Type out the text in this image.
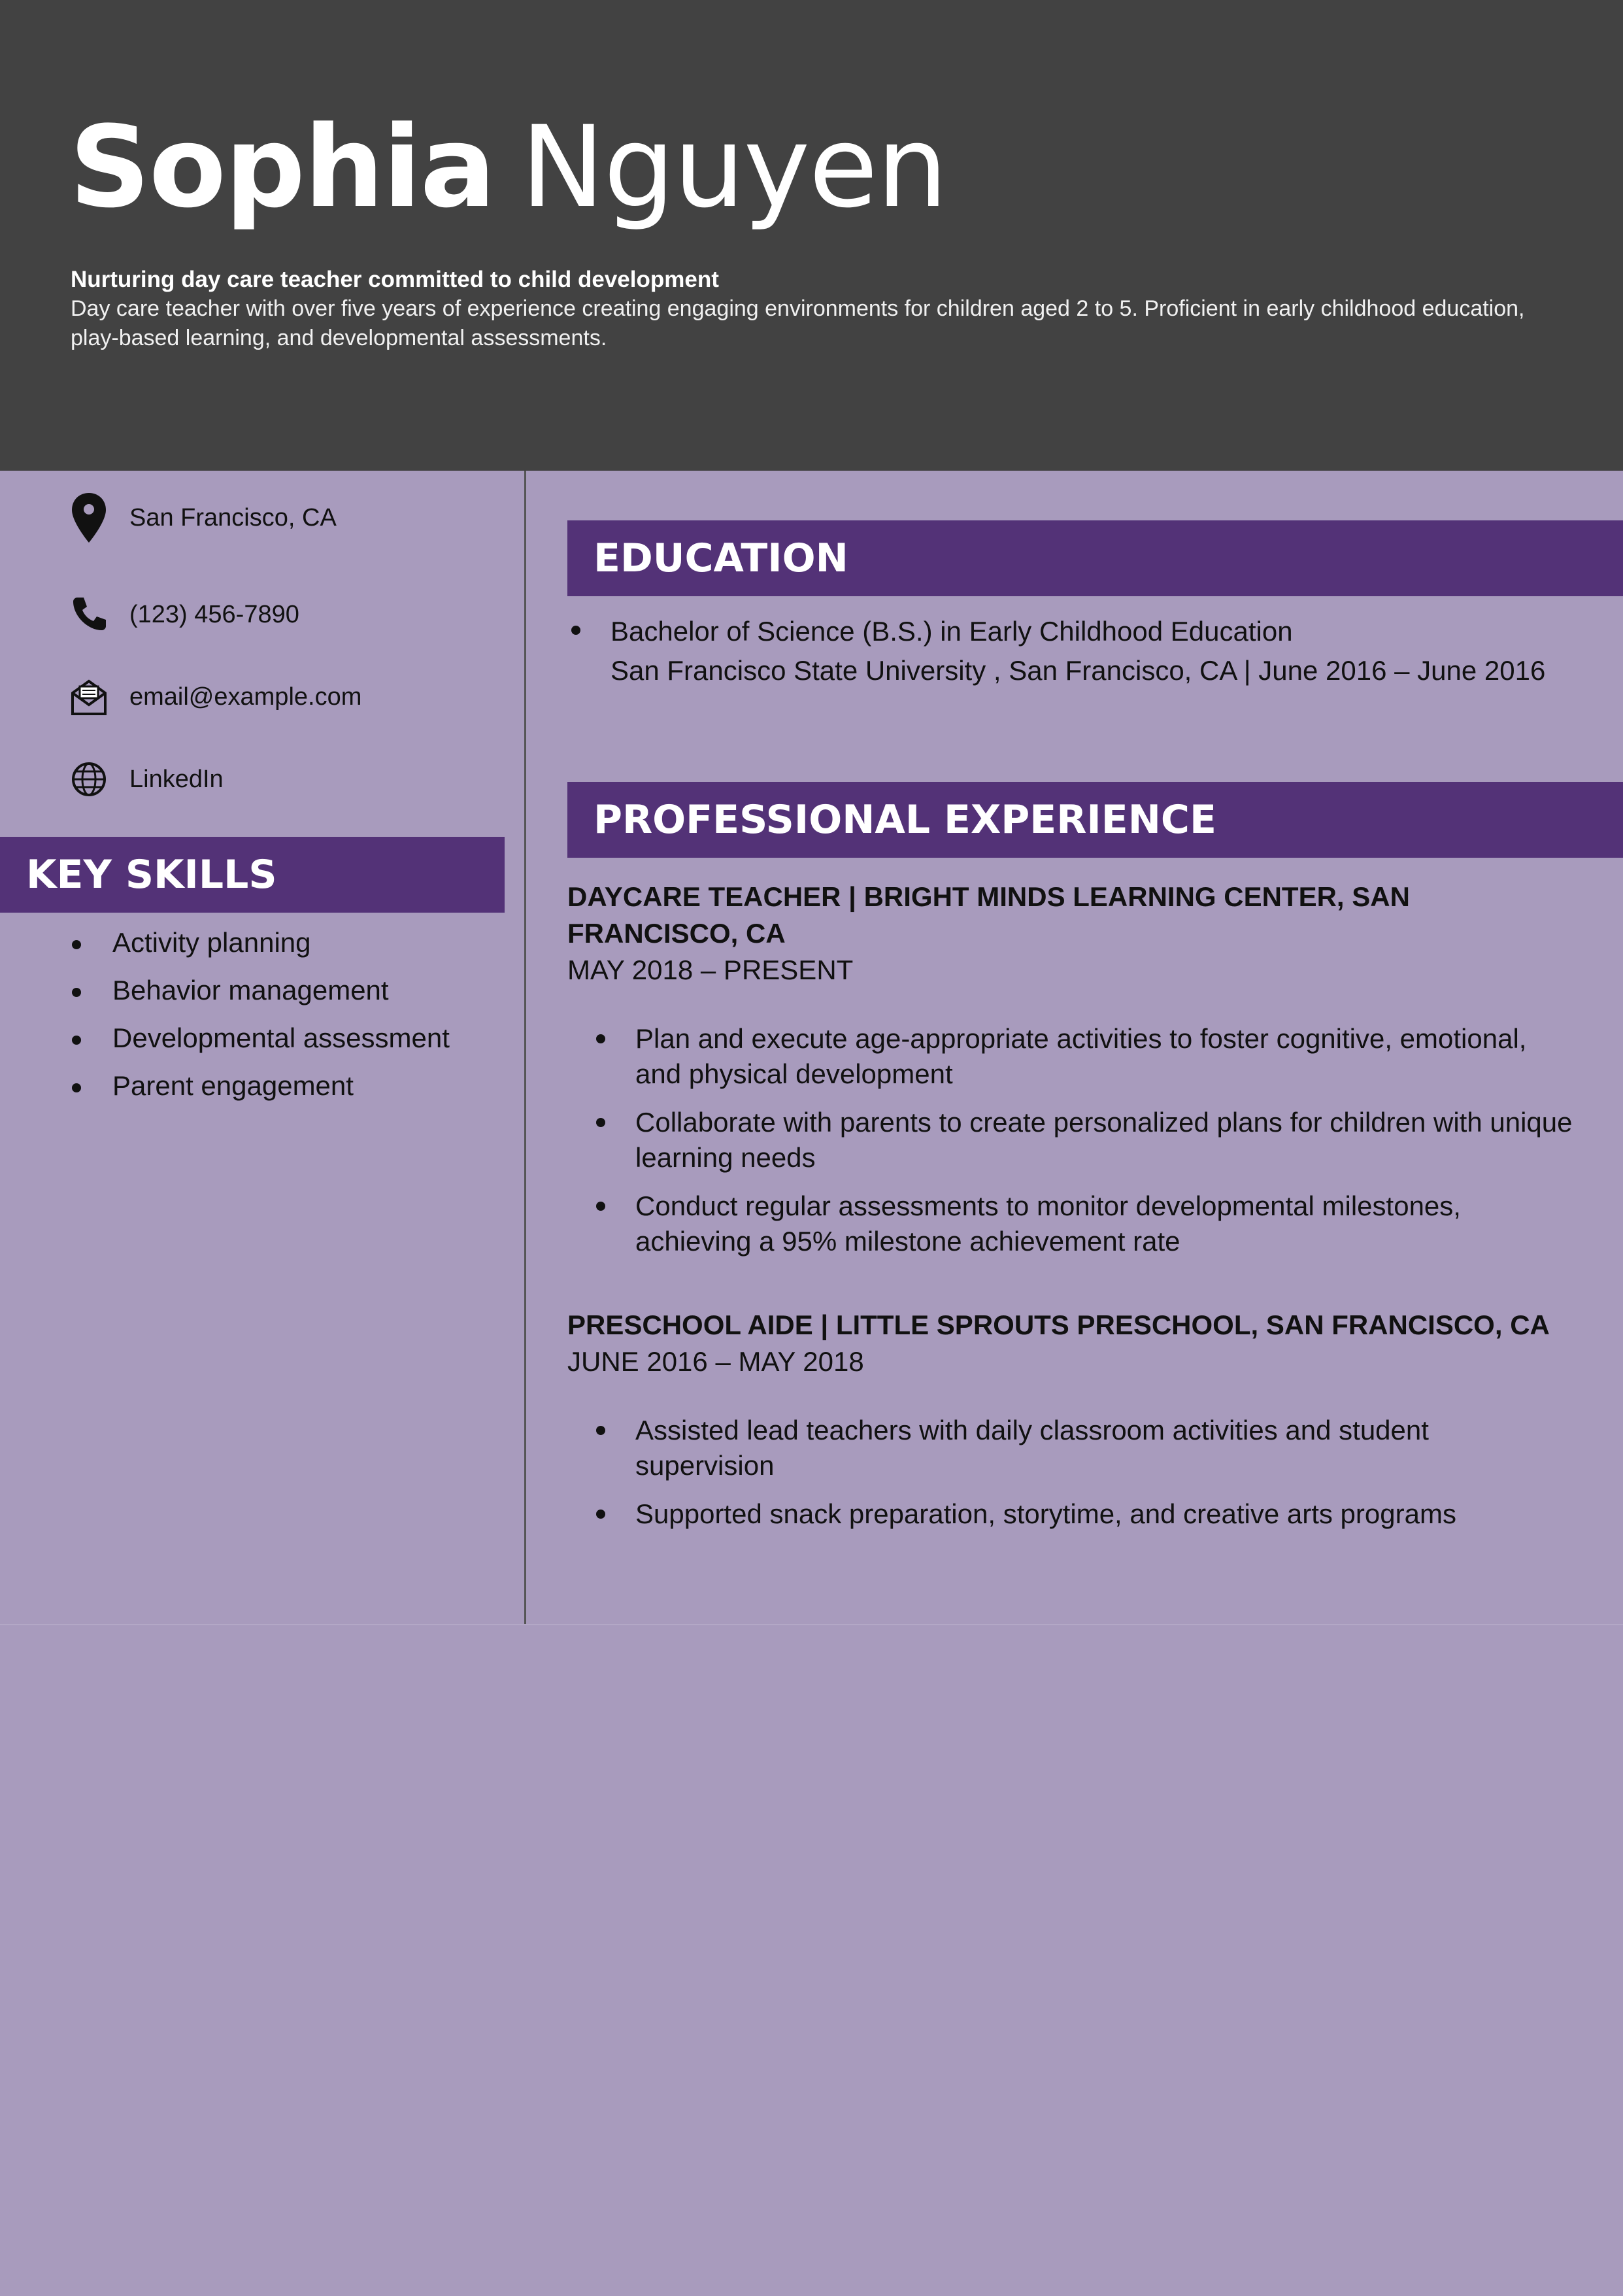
Sophia Nguyen
Nurturing day care teacher committed to child development
Day care teacher with over five years of experience creating engaging environments for children aged 2 to 5. Proficient in early childhood education, play-based learning, and developmental assessments.
San Francisco, CA
(123) 456-7890
email@example.com
LinkedIn
KEY SKILLS
Activity planning
Behavior management
Developmental assessment
Parent engagement
EDUCATION
Bachelor of Science (B.S.) in Early Childhood Education
San Francisco State University , San Francisco, CA | June 2016 – June 2016
PROFESSIONAL EXPERIENCE
DAYCARE TEACHER | BRIGHT MINDS LEARNING CENTER, SAN FRANCISCO, CA
MAY 2018 – PRESENT
Plan and execute age-appropriate activities to foster cognitive, emotional, and physical development
Collaborate with parents to create personalized plans for children with unique learning needs
Conduct regular assessments to monitor developmental milestones, achieving a 95% milestone achievement rate
PRESCHOOL AIDE | LITTLE SPROUTS PRESCHOOL, SAN FRANCISCO, CA
JUNE 2016 – MAY 2018
Assisted lead teachers with daily classroom activities and student supervision
Supported snack preparation, storytime, and creative arts programs
